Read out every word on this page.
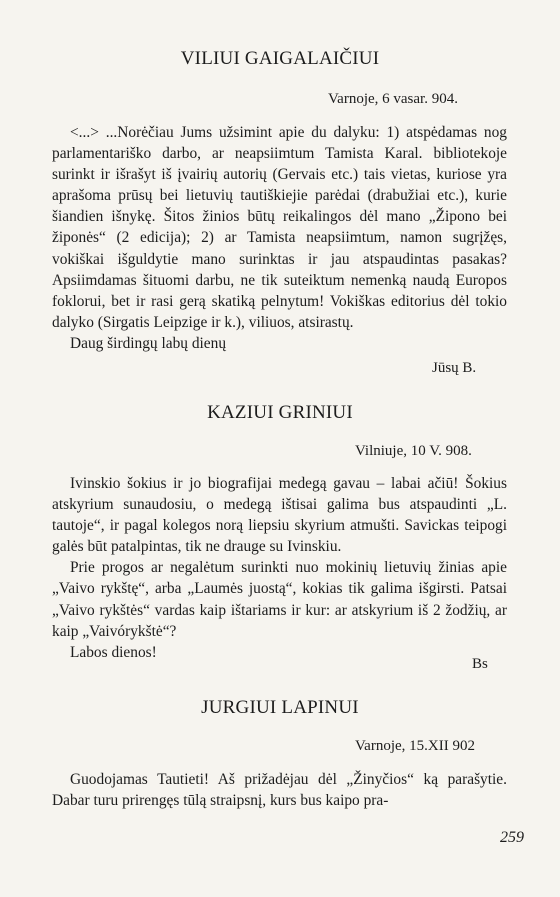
VILIUI GAIGALAIČIUI

Varnoje, 6 vasar. 904.

<...> ...Norėčiau Jums užsimint apie du dalyku: 1) atspėdamas nog parlamentariško darbo, ar neapsiimtum Tamista Karal. bibliotekoje surinkt ir išrašyt iš įvairių autorių (Gervais etc.) tais vietas, kuriose yra aprašoma prūsų bei lietuvių tautiškiejie parėdai (drabužiai etc.), kurie šiandien išnykę. Šitos žinios būtų reikalingos dėl mano „Žipono bei žiponės“ (2 edicija); 2) ar Tamista neapsiimtum, namon sugrįžęs, vokiškai išguldytie mano surinktas ir jau atspaudintas pasakas? Apsiimdamas šituomi darbu, ne tik suteiktum nemenką naudą Europos foklorui, bet ir rasi gerą skatiką pelnytum! Vokiškas editorius dėl tokio dalyko (Sirgatis Leipzige ir k.), viliuos, atsirastų.

Daug širdingų labų dienų

Jūsų B.

KAZIUI GRINIUI

Vilniuje, 10 V. 908.

Ivinskio šokius ir jo biografijai medegą gavau – labai ačiū! Šokius atskyrium sunaudosiu, o medegą ištisai galima bus atspaudinti „L. tautoje“, ir pagal kolegos norą liepsiu skyrium atmušti. Savickas teipogi galės būt patalpintas, tik ne drauge su Ivinskiu.

Prie progos ar negalėtum surinkti nuo mokinių lietuvių žinias apie „Vaivo rykštę“, arba „Laumės juostą“, kokias tik galima išgirsti. Patsai „Vaivo rykštės“ vardas kaip ištariams ir kur: ar atskyrium iš 2 žodžių, ar kaip „Vaivórykštė“?

Labos dienos!

Bs

JURGIUI LAPINUI

Varnoje, 15.XII 902

Guodojamas Tautieti! Aš prižadėjau dėl „Žinyčios“ ką parašytie. Dabar turu prirengęs tūlą straipsnį, kurs bus kaipo pra-

259
